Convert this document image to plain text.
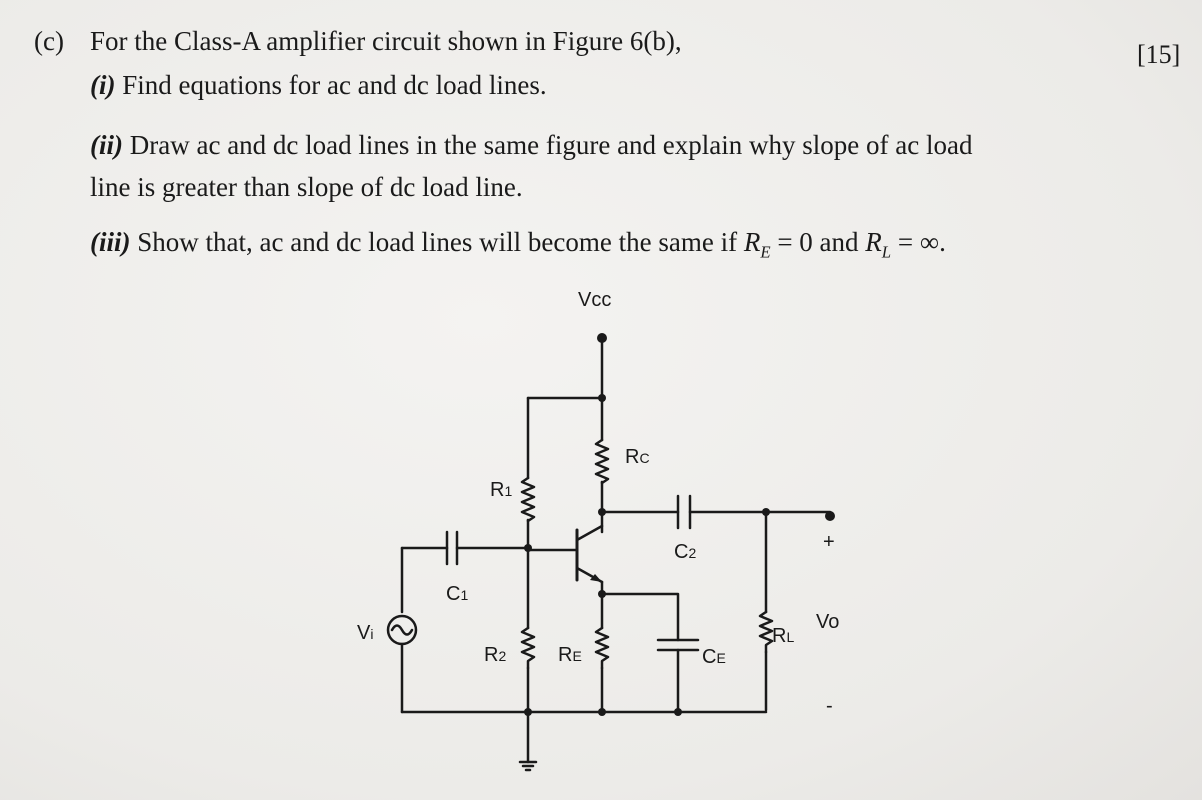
(c)	[15]
For the Class-A amplifier circuit shown in Figure 6(b),
(i) Find equations for ac and dc load lines.
(ii) Draw ac and dc load lines in the same figure and explain why slope of ac load
line is greater than slope of dc load line.
(iii) Show that, ac and dc load lines will become the same if $R_E = 0$ and $R_L$ = ∞.
Vcc
RC
R1
R2	RE	CE
RL
C1
C2
Vi
Vo
+
-
